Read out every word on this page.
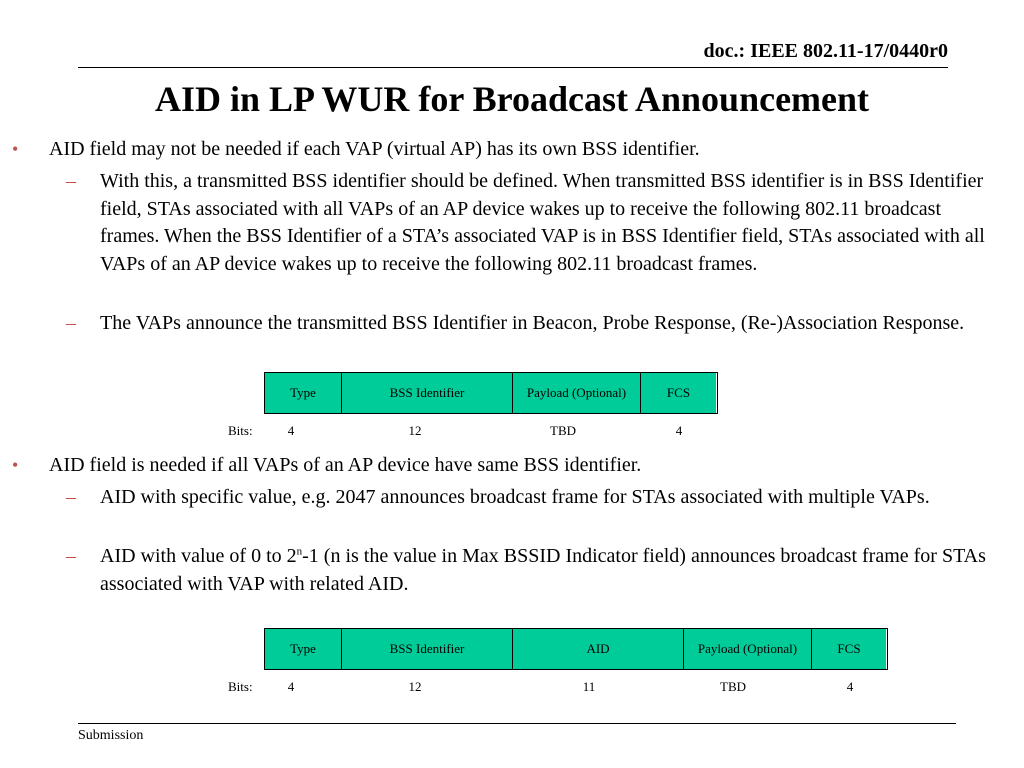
doc.: IEEE 802.11-17/0440r0
AID in LP WUR for Broadcast Announcement
• AID field may not be needed if each VAP (virtual AP) has its own BSS identifier.
– With this, a transmitted BSS identifier should be defined. When transmitted BSS identifier is in BSS Identifier field, STAs associated with all VAPs of an AP device wakes up to receive the following 802.11 broadcast frames. When the BSS Identifier of a STA’s associated VAP is in BSS Identifier field, STAs associated with all VAPs of an AP device wakes up to receive the following 802.11 broadcast frames.
– The VAPs announce the transmitted BSS Identifier in Beacon, Probe Response, (Re-)Association Response.
Type	BSS Identifier	Payload (Optional)	FCS
Bits:	4	12	TBD	4
• AID field is needed if all VAPs of an AP device have same BSS identifier.
– AID with specific value, e.g. 2047 announces broadcast frame for STAs associated with multiple VAPs.
– AID with value of 0 to 2$^n$-1 (n is the value in Max BSSID Indicator field) announces broadcast frame for STAs associated with VAP with related AID.
Type	BSS Identifier	AID	Payload (Optional)	FCS
Bits:	4	12	11	TBD	4
Submission
